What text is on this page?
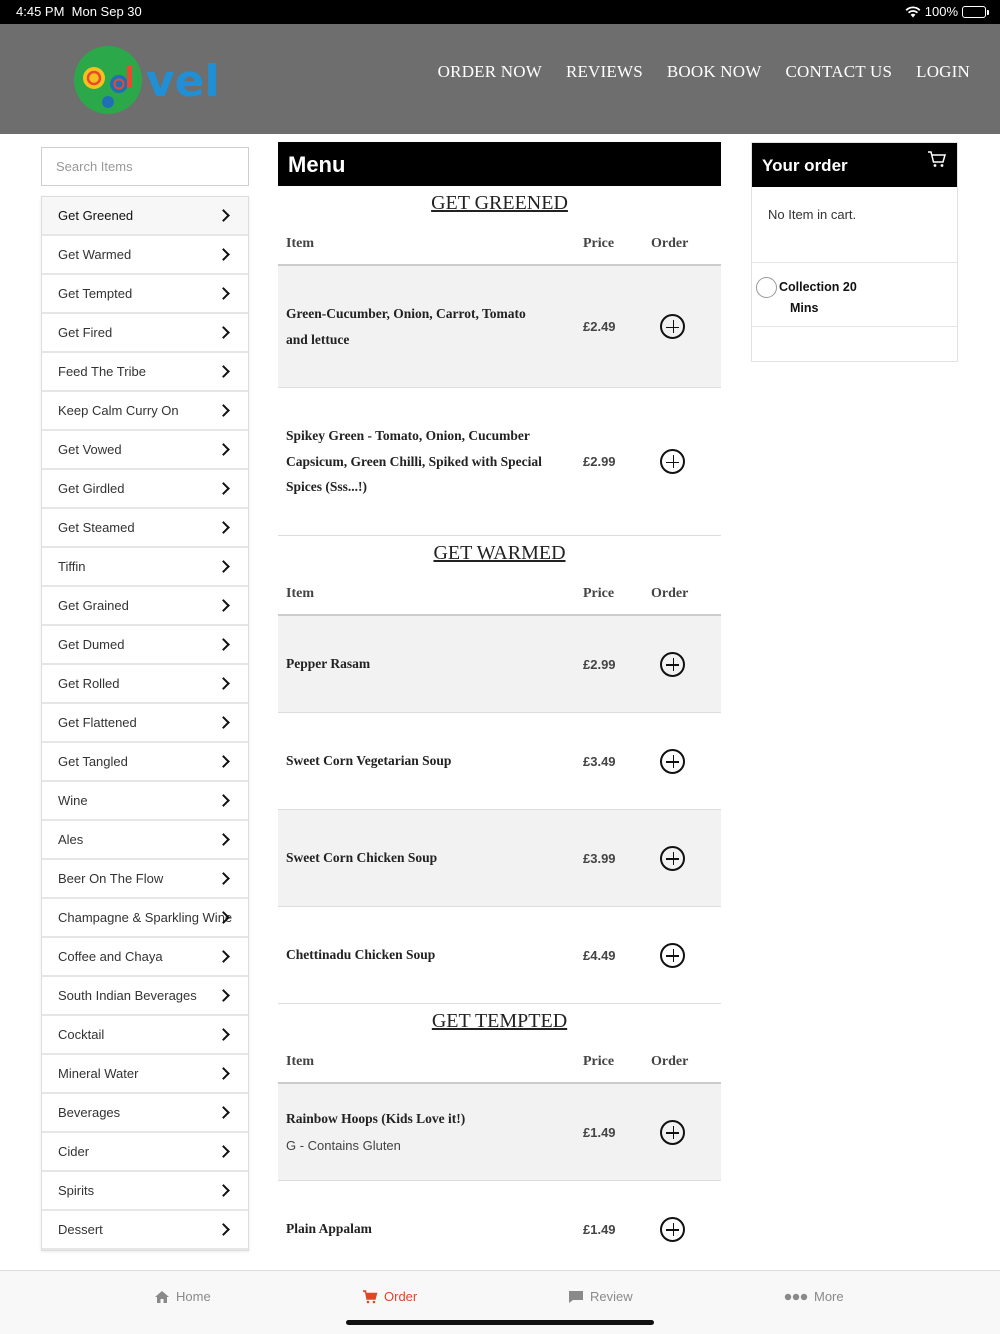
4:45 PM Mon Sep 30	100%
vel	ORDER NOW REVIEWS BOOK NOW CONTACT US LOGIN
Search Items
Get Greened
Get Warmed
Get Tempted
Get Fired
Feed The Tribe
Keep Calm Curry On
Get Vowed
Get Girdled
Get Steamed
Tiffin
Get Grained
Get Dumed
Get Rolled
Get Flattened
Get Tangled
Wine
Ales
Beer On The Flow
Champagne & Sparkling Wine
Coffee and Chaya
South Indian Beverages
Cocktail
Mineral Water
Beverages
Cider
Spirits
Dessert
Menu
GET GREENED
Item	Price	Order
Green-Cucumber, Onion, Carrot, Tomato and lettuce
£2.49
Spikey Green - Tomato, Onion, Cucumber Capsicum, Green Chilli, Spiked with Special Spices (Sss...!)
£2.99
GET WARMED
Item	Price	Order
Pepper Rasam	£2.99
Sweet Corn Vegetarian Soup	£3.49
Sweet Corn Chicken Soup	£3.99
Chettinadu Chicken Soup	£4.49
GET TEMPTED
Item	Price	Order
Rainbow Hoops (Kids Love it!)
G - Contains Gluten
£1.49
Plain Appalam	£1.49
Your order
No Item in cart.
Collection 20
Mins
Home	Order	Review	More
